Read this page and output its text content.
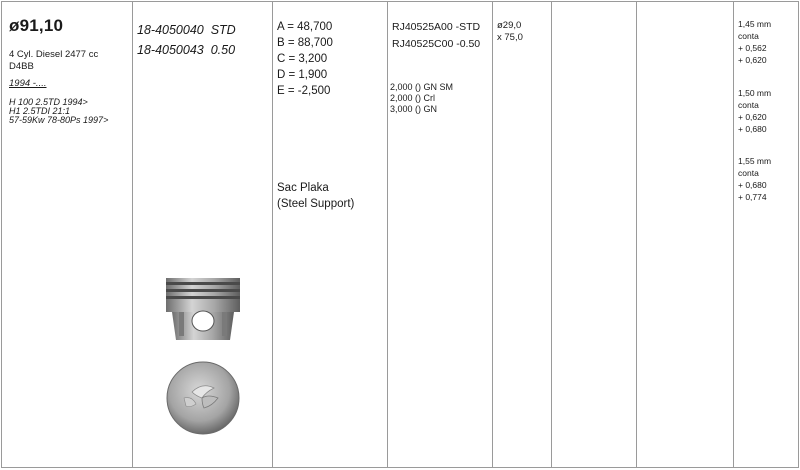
ø91,10
4 Cyl. Diesel 2477 cc
D4BB
1994 -....
H 100 2.5TD 1994>
H1 2.5TDI 21:1
57-59Kw 78-80Ps 1997>
18-4050040 STD
18-4050043 0.50
A = 48,700
B = 88,700
C = 3,200
D = 1,900
E = -2,500
Sac Plaka
(Steel Support)
RJ40525A00 -STD
RJ40525C00 -0.50
2,000 () GN SM
2,000 () Crl
3,000 () GN
ø29,0
x 75,0
1,45 mm
conta
+ 0,562
+ 0,620
1,50 mm
conta
+ 0,620
+ 0,680
1,55 mm
conta
+ 0,680
+ 0,774
